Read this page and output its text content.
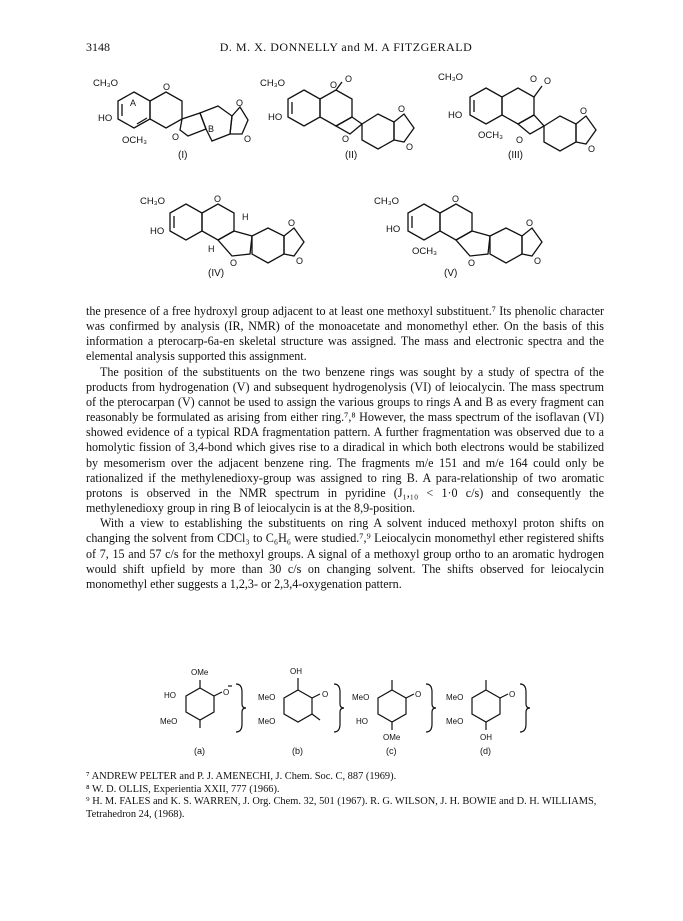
3148	D. M. X. DONNELLY and M. A FITZGERALD
CH₃O
HO
OCH₃
A
B
O
O
O
O
(I)
CH₃O
HO
O
O
O
O
O
(II)
CH₃O
HO
OCH₃
O O
O
O
O
(III)
CH₃O
HO
H
H
O
O
O
O
(IV)
CH₃O
HO
OCH₃
O
O
O
O
(V)

the presence of a free hydroxyl group adjacent to at least one methoxyl substituent.⁷ Its phenolic character was confirmed by analysis (IR, NMR) of the monoacetate and monomethyl ether. On the basis of this information a pterocarp-6a-en skeletal structure was assigned. The mass and electronic spectra and the elemental analysis supported this assignment.

The position of the substituents on the two benzene rings was sought by a study of spectra of the products from hydrogenation (V) and subsequent hydrogenolysis (VI) of leiocalycin. The mass spectrum of the pterocarpan (V) cannot be used to assign the various groups to rings A and B as every fragment can reasonably be formulated as arising from either ring.⁷,⁸ However, the mass spectrum of the isoflavan (VI) showed evidence of a typical RDA fragmentation pattern. A further fragmentation was observed due to a homolytic fission of 3,4-bond which gives rise to a diradical in which both electrons would be stabilized by mesomerism over the adjacent benzene ring. The fragments m/e 151 and m/e 164 could only be rationalized if the methylenedioxy-group was assigned to ring B. A para-relationship of two aromatic protons is observed in the NMR spectrum in pyridine (J₁,₁₀ < 1·0 c/s) and consequently the methylenedioxy group in ring B of leiocalycin is at the 8,9-position.

With a view to establishing the substituents on ring A solvent induced methoxyl proton shifts on changing the solvent from CDCl₃ to C₆H₆ were studied.⁷,⁹ Leiocalycin monomethyl ether registered shifts of 7, 15 and 57 c/s for the methoxyl groups. A signal of a methoxyl group ortho to an aromatic hydrogen would shift upfield by more than 30 c/s on changing solvent. The shifts observed for leiocalycin monomethyl ether suggests a 1,2,3- or 2,3,4-oxygenation pattern.

OMe
HO
MeO
O
(a)
OH
MeO
MeO
O
(b)
MeO
HO
OMe
O
(c)
MeO
MeO
OH
O
(d)
⁷ ANDREW PELTER and P. J. AMENECHI, J. Chem. Soc. C, 887 (1969).
⁸ W. D. OLLIS, Experientia XXII, 777 (1966).
⁹ H. M. FALES and K. S. WARREN, J. Org. Chem. 32, 501 (1967). R. G. WILSON, J. H. BOWIE and D. H. WILLIAMS, Tetrahedron 24, (1968).
